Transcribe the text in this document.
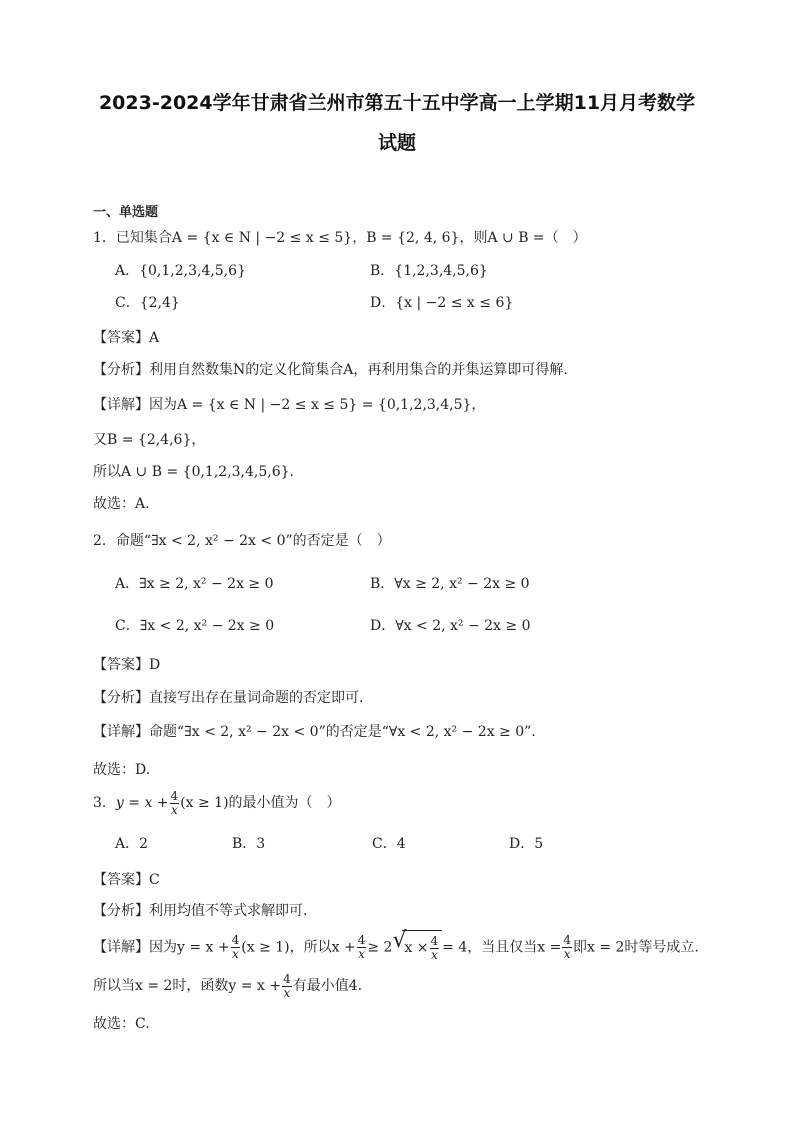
2023-2024学年甘肃省兰州市第五十五中学高一上学期11月月考数学
试题
一、单选题
1．已知集合A = {x ∈ N | −2 ≤ x ≤ 5}，B = {2, 4, 6}，则A ∪ B =（　）
A．{0,1,2,3,4,5,6}	B．{1,2,3,4,5,6}
C．{2,4}	D．{x | −2 ≤ x ≤ 6}
【答案】A
【分析】利用自然数集N的定义化简集合A，再利用集合的并集运算即可得解.
【详解】因为A = {x ∈ N | −2 ≤ x ≤ 5} = {0,1,2,3,4,5}，
又B = {2,4,6}，
所以A ∪ B = {0,1,2,3,4,5,6}.
故选：A.
2．命题“∃x < 2, x² − 2x < 0”的否定是（　）
A．∃x ≥ 2, x² − 2x ≥ 0	B．∀x ≥ 2, x² − 2x ≥ 0
C．∃x < 2, x² − 2x ≥ 0	D．∀x < 2, x² − 2x ≥ 0
【答案】D
【分析】直接写出存在量词命题的否定即可.
【详解】命题“∃x < 2, x² − 2x < 0”的否定是“∀x < 2, x² − 2x ≥ 0”.
故选：D.
3．$y = x + \frac{4}{x} (x \ge 1)$的最小值为（　）
A．2	B．3	C．4	D．5
【答案】C
【分析】利用均值不等式求解即可.
【详解】因为$y = x + \frac{4}{x} (x \ge 1)$，所以$x + \frac{4}{x} \ge 2$ √
$x \times \frac{4}{x} = 4$，当且仅当$x = \frac{4}{x}$ 即x = 2时等号成立.
所以当x = 2时，函数$y = x + \frac{4}{x}$ 有最小值4.
故选：C.
